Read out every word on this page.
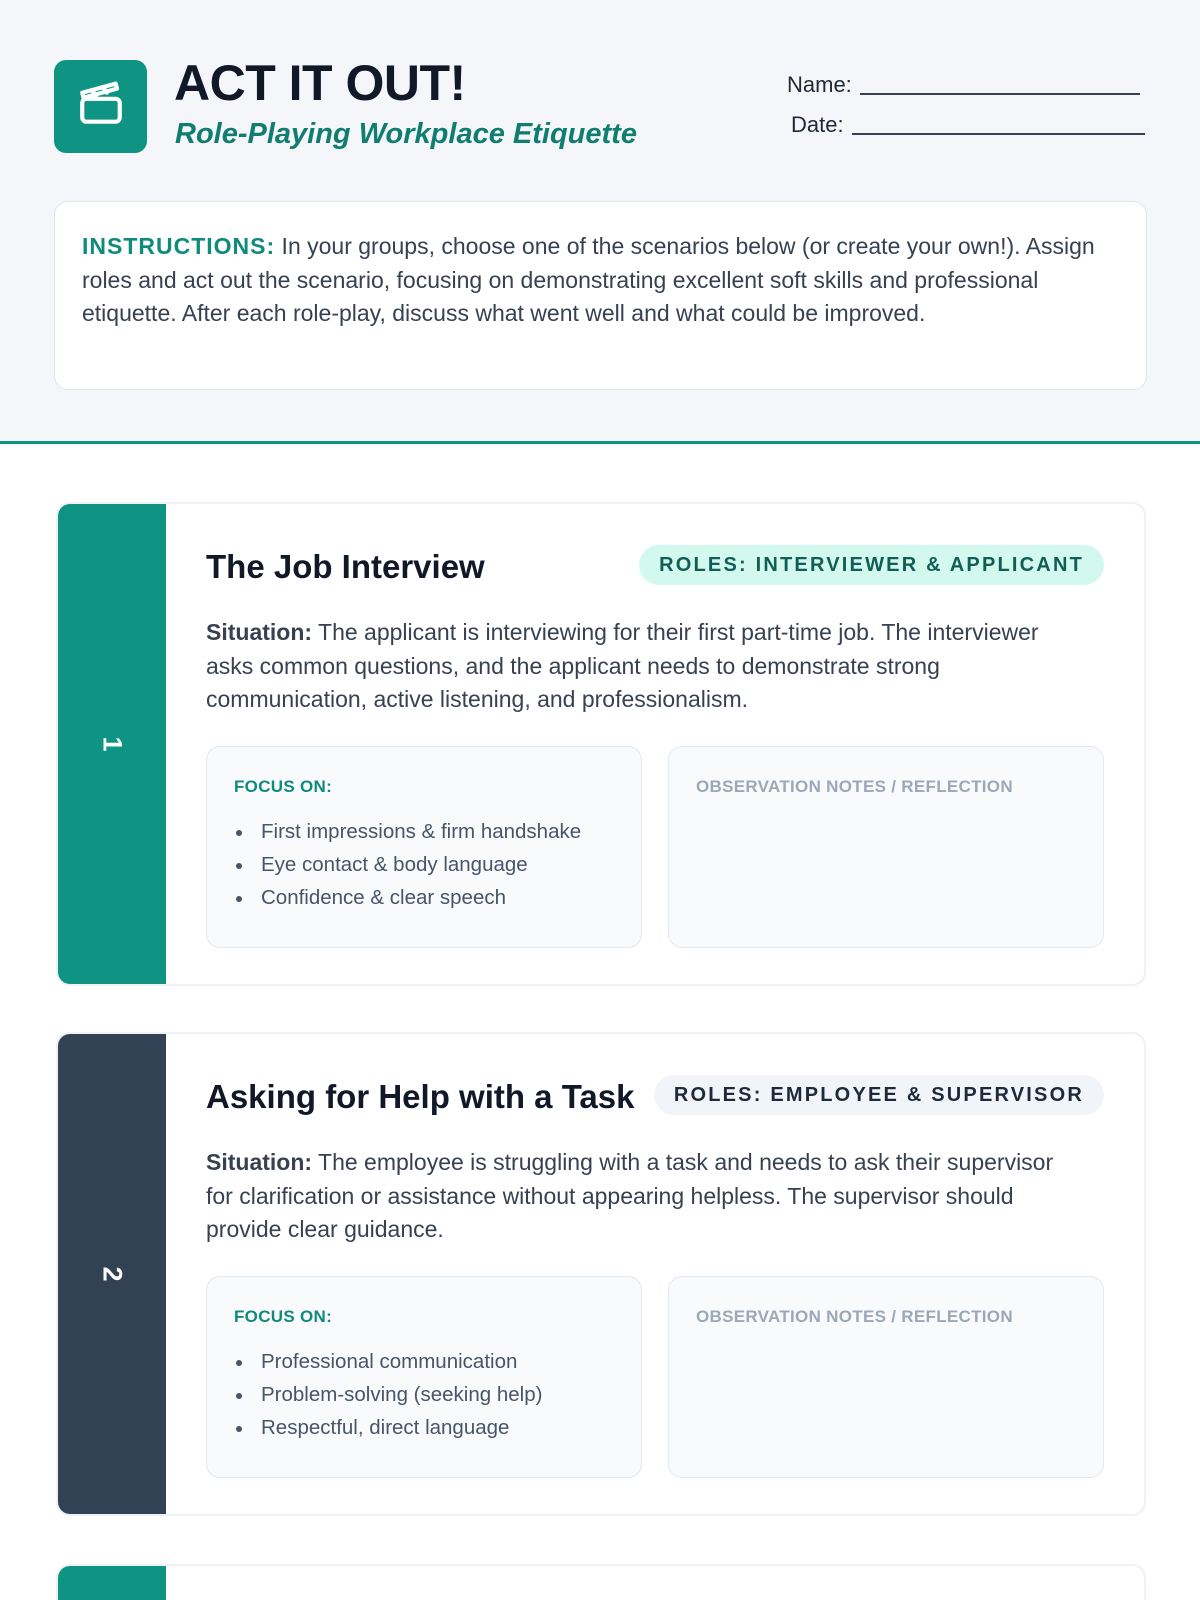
ACT IT OUT!
Role-Playing Workplace Etiquette
Name:
Date:
INSTRUCTIONS: In your groups, choose one of the scenarios below (or create your own!). Assign roles and act out the scenario, focusing on demonstrating excellent soft skills and professional etiquette. After each role-play, discuss what went well and what could be improved.
1
The Job Interview	ROLES: INTERVIEWER & APPLICANT
Situation: The applicant is interviewing for their first part-time job. The interviewer asks common questions, and the applicant needs to demonstrate strong communication, active listening, and professionalism.
FOCUS ON:
First impressions & firm handshake
Eye contact & body language
Confidence & clear speech
OBSERVATION NOTES / REFLECTION
2
Asking for Help with a Task	ROLES: EMPLOYEE & SUPERVISOR
Situation: The employee is struggling with a task and needs to ask their supervisor for clarification or assistance without appearing helpless. The supervisor should provide clear guidance.
FOCUS ON:
Professional communication
Problem-solving (seeking help)
Respectful, direct language
OBSERVATION NOTES / REFLECTION
